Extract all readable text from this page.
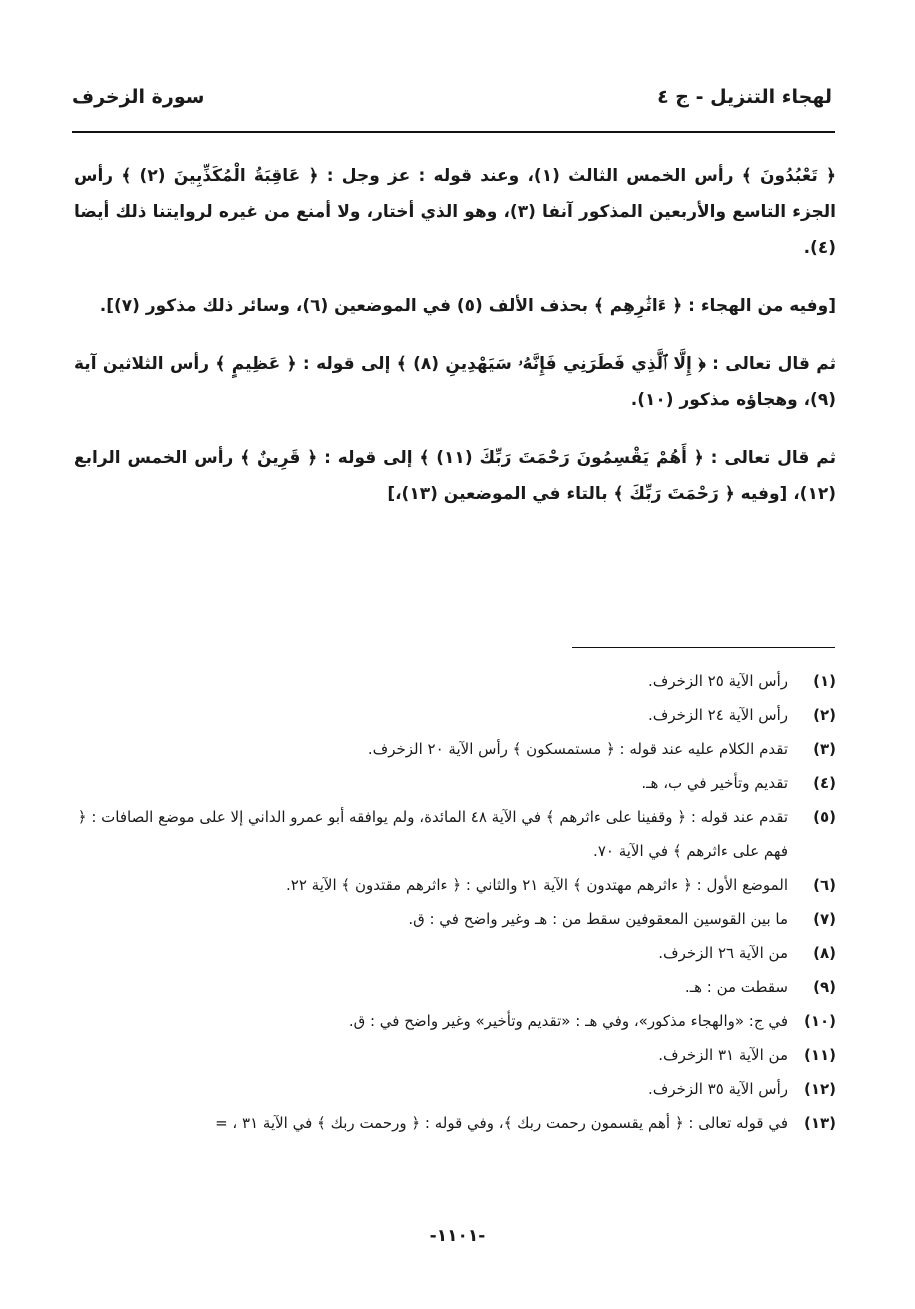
لهجاء التنزيل - ج ٤
سورة الزخرف

﴿ تَعْبُدُونَ ﴾ رأس الخمس الثالث (١)، وعند قوله : عز وجل : ﴿ عَاقِبَةُ الْمُكَذِّبِينَ (٢) ﴾ رأس الجزء التاسع والأربعين المذكور آنفا (٣)، وهو الذي أختار، ولا أمنع من غيره لروايتنا ذلك أيضا (٤).

[وفيه من الهجاء : ﴿ ءَاثَٰرِهِم ﴾ بحذف الألف (٥) في الموضعين (٦)، وسائر ذلك مذكور (٧)].

ثم قال تعالى : ﴿ إِلَّا ٱلَّذِي فَطَرَنِي فَإِنَّهُۥ سَيَهْدِينِ (٨) ﴾ إلى قوله : ﴿ عَظِيمٍ ﴾ رأس الثلاثين آية (٩)، وهجاؤه مذكور (١٠).

ثم قال تعالى : ﴿ أَهُمْ يَقْسِمُونَ رَحْمَتَ رَبِّكَ (١١) ﴾ إلى قوله : ﴿ قَرِينٌ ﴾ رأس الخمس الرابع (١٢)، [وفيه ﴿ رَحْمَتَ رَبِّكَ ﴾ بالتاء في الموضعين (١٣)،]

(١)
رأس الآية ٢٥ الزخرف.
(٢)
رأس الآية ٢٤ الزخرف.
(٣)
تقدم الكلام عليه عند قوله : ﴿ مستمسكون ﴾ رأس الآية ٢٠ الزخرف.
(٤)
تقديم وتأخير في ب، هـ.
(٥)
تقدم عند قوله : ﴿ وقفينا على ءاثرهم ﴾ في الآية ٤٨ المائدة، ولم يوافقه أبو عمرو الداني إلا على موضع الصافات : ﴿ فهم على ءاثرهم ﴾ في الآية ٧٠.
(٦)
الموضع الأول : ﴿ ءاثرهم مهتدون ﴾ الآية ٢١ والثاني : ﴿ ءاثرهم مقتدون ﴾ الآية ٢٢.
(٧)
ما بين القوسين المعقوفين سقط من : هـ وغير واضح في : ق.
(٨)
من الآية ٢٦ الزخرف.
(٩)
سقطت من : هـ.
(١٠)
في ج: «والهجاء مذكور»، وفي هـ : «تقديم وتأخير» وغير واضح في : ق.
(١١)
من الآية ٣١ الزخرف.
(١٢)
رأس الآية ٣٥ الزخرف.
(١٣)
في قوله تعالى : ﴿ أهم يقسمون رحمت ربك ﴾، وفي قوله : ﴿ ورحمت ربك ﴾ في الآية ٣١ ، =
-١١٠١-
